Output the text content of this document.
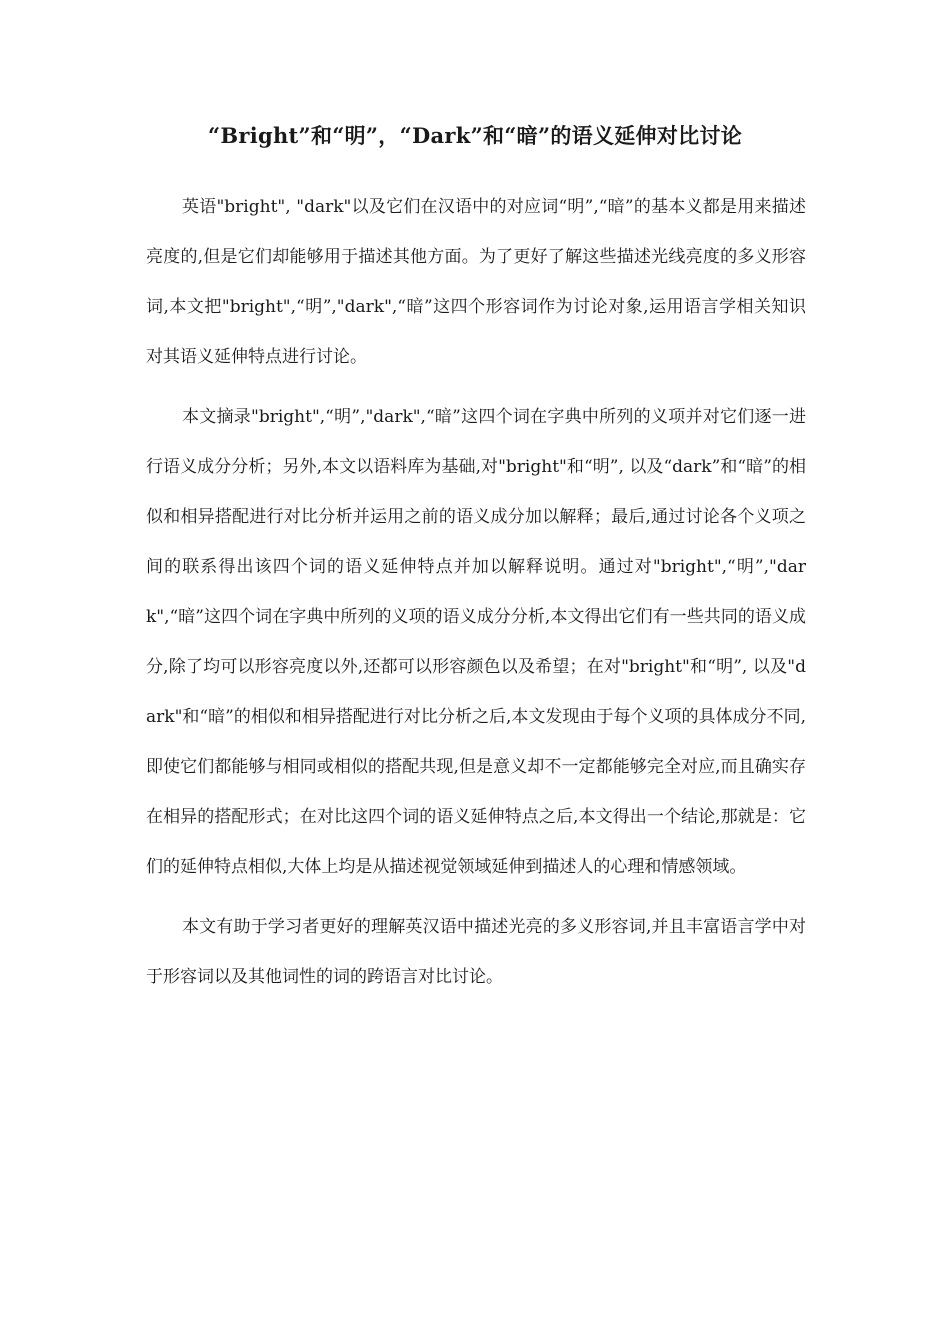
“Bright”和“明”，“Dark”和“暗”的语义延伸对比讨论

英语"bright", "dark"以及它们在汉语中的对应词“明”,“暗”的基本义都是用来描述亮度的,但是它们却能够用于描述其他方面。为了更好了解这些描述光线亮度的多义形容词,本文把"bright",“明”,"dark",“暗”这四个形容词作为讨论对象,运用语言学相关知识对其语义延伸特点进行讨论。

本文摘录"bright",“明”,"dark",“暗”这四个词在字典中所列的义项并对它们逐一进行语义成分分析；另外,本文以语料库为基础,对"bright"和“明”, 以及“dark”和“暗”的相似和相异搭配进行对比分析并运用之前的语义成分加以解释；最后,通过讨论各个义项之间的联系得出该四个词的语义延伸特点并加以解释说明。通过对"bright",“明”,"dark",“暗”这四个词在字典中所列的义项的语义成分分析,本文得出它们有一些共同的语义成分,除了均可以形容亮度以外,还都可以形容颜色以及希望；在对"bright"和“明”, 以及"dark"和“暗”的相似和相异搭配进行对比分析之后,本文发现由于每个义项的具体成分不同,即使它们都能够与相同或相似的搭配共现,但是意义却不一定都能够完全对应,而且确实存在相异的搭配形式；在对比这四个词的语义延伸特点之后,本文得出一个结论,那就是：它们的延伸特点相似,大体上均是从描述视觉领域延伸到描述人的心理和情感领域。

本文有助于学习者更好的理解英汉语中描述光亮的多义形容词,并且丰富语言学中对于形容词以及其他词性的词的跨语言对比讨论。
